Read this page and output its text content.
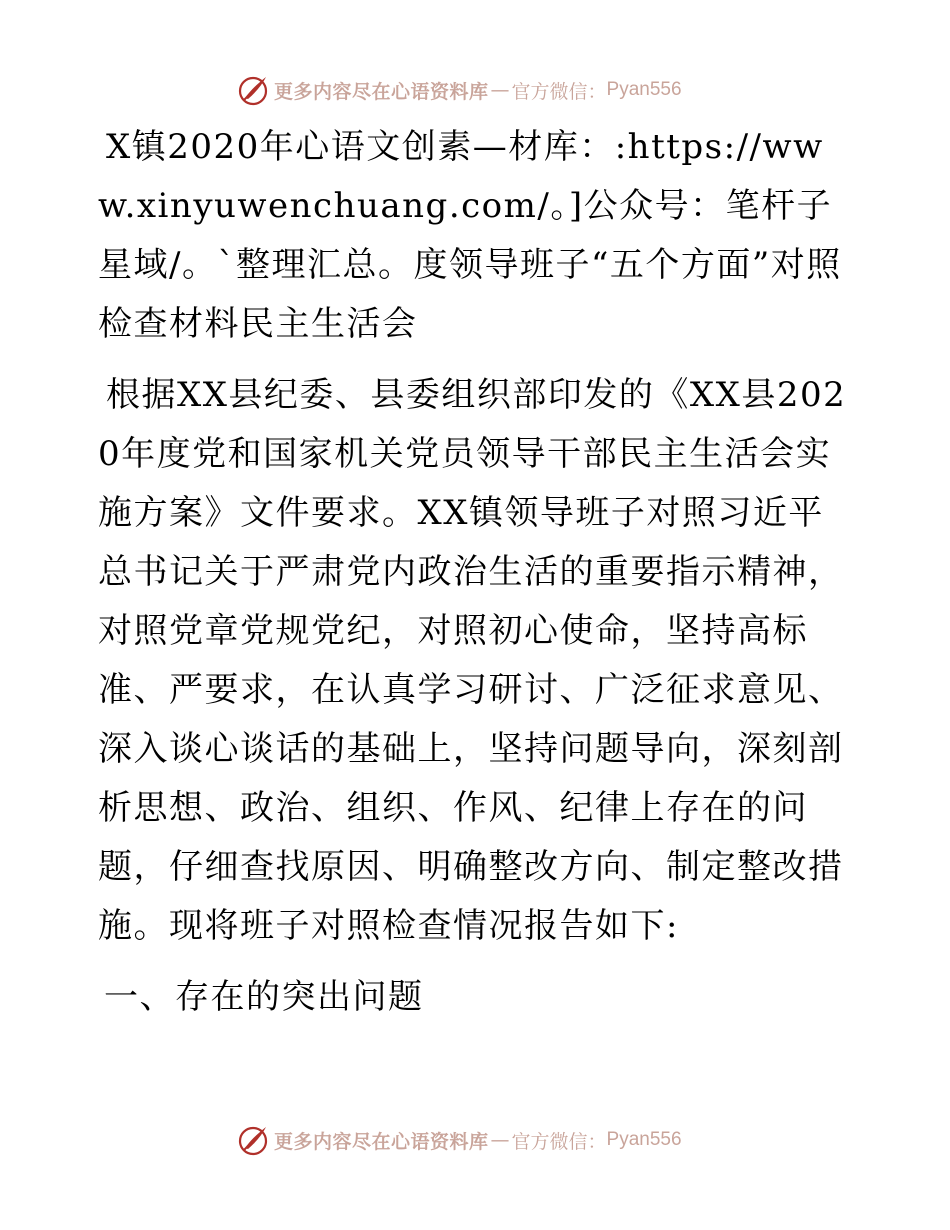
更多内容尽在心语资料库 — 官方微信： Pyan556

X镇2020年心语文创素—材库：:https://www.xinyuwenchuang.com/。]公众号：笔杆子星域/。`整理汇总。度领导班子“五个方面”对照检查材料民主生活会

根据XX县纪委、县委组织部印发的《XX县2020年度党和国家机关党员领导干部民主生活会实施方案》文件要求。XX镇领导班子对照习近平总书记关于严肃党内政治生活的重要指示精神，对照党章党规党纪，对照初心使命，坚持高标准、严要求，在认真学习研讨、广泛征求意见、深入谈心谈话的基础上，坚持问题导向，深刻剖析思想、政治、组织、作风、纪律上存在的问题，仔细查找原因、明确整改方向、制定整改措施。现将班子对照检查情况报告如下:

一、存在的突出问题
更多内容尽在心语资料库 — 官方微信： Pyan556
